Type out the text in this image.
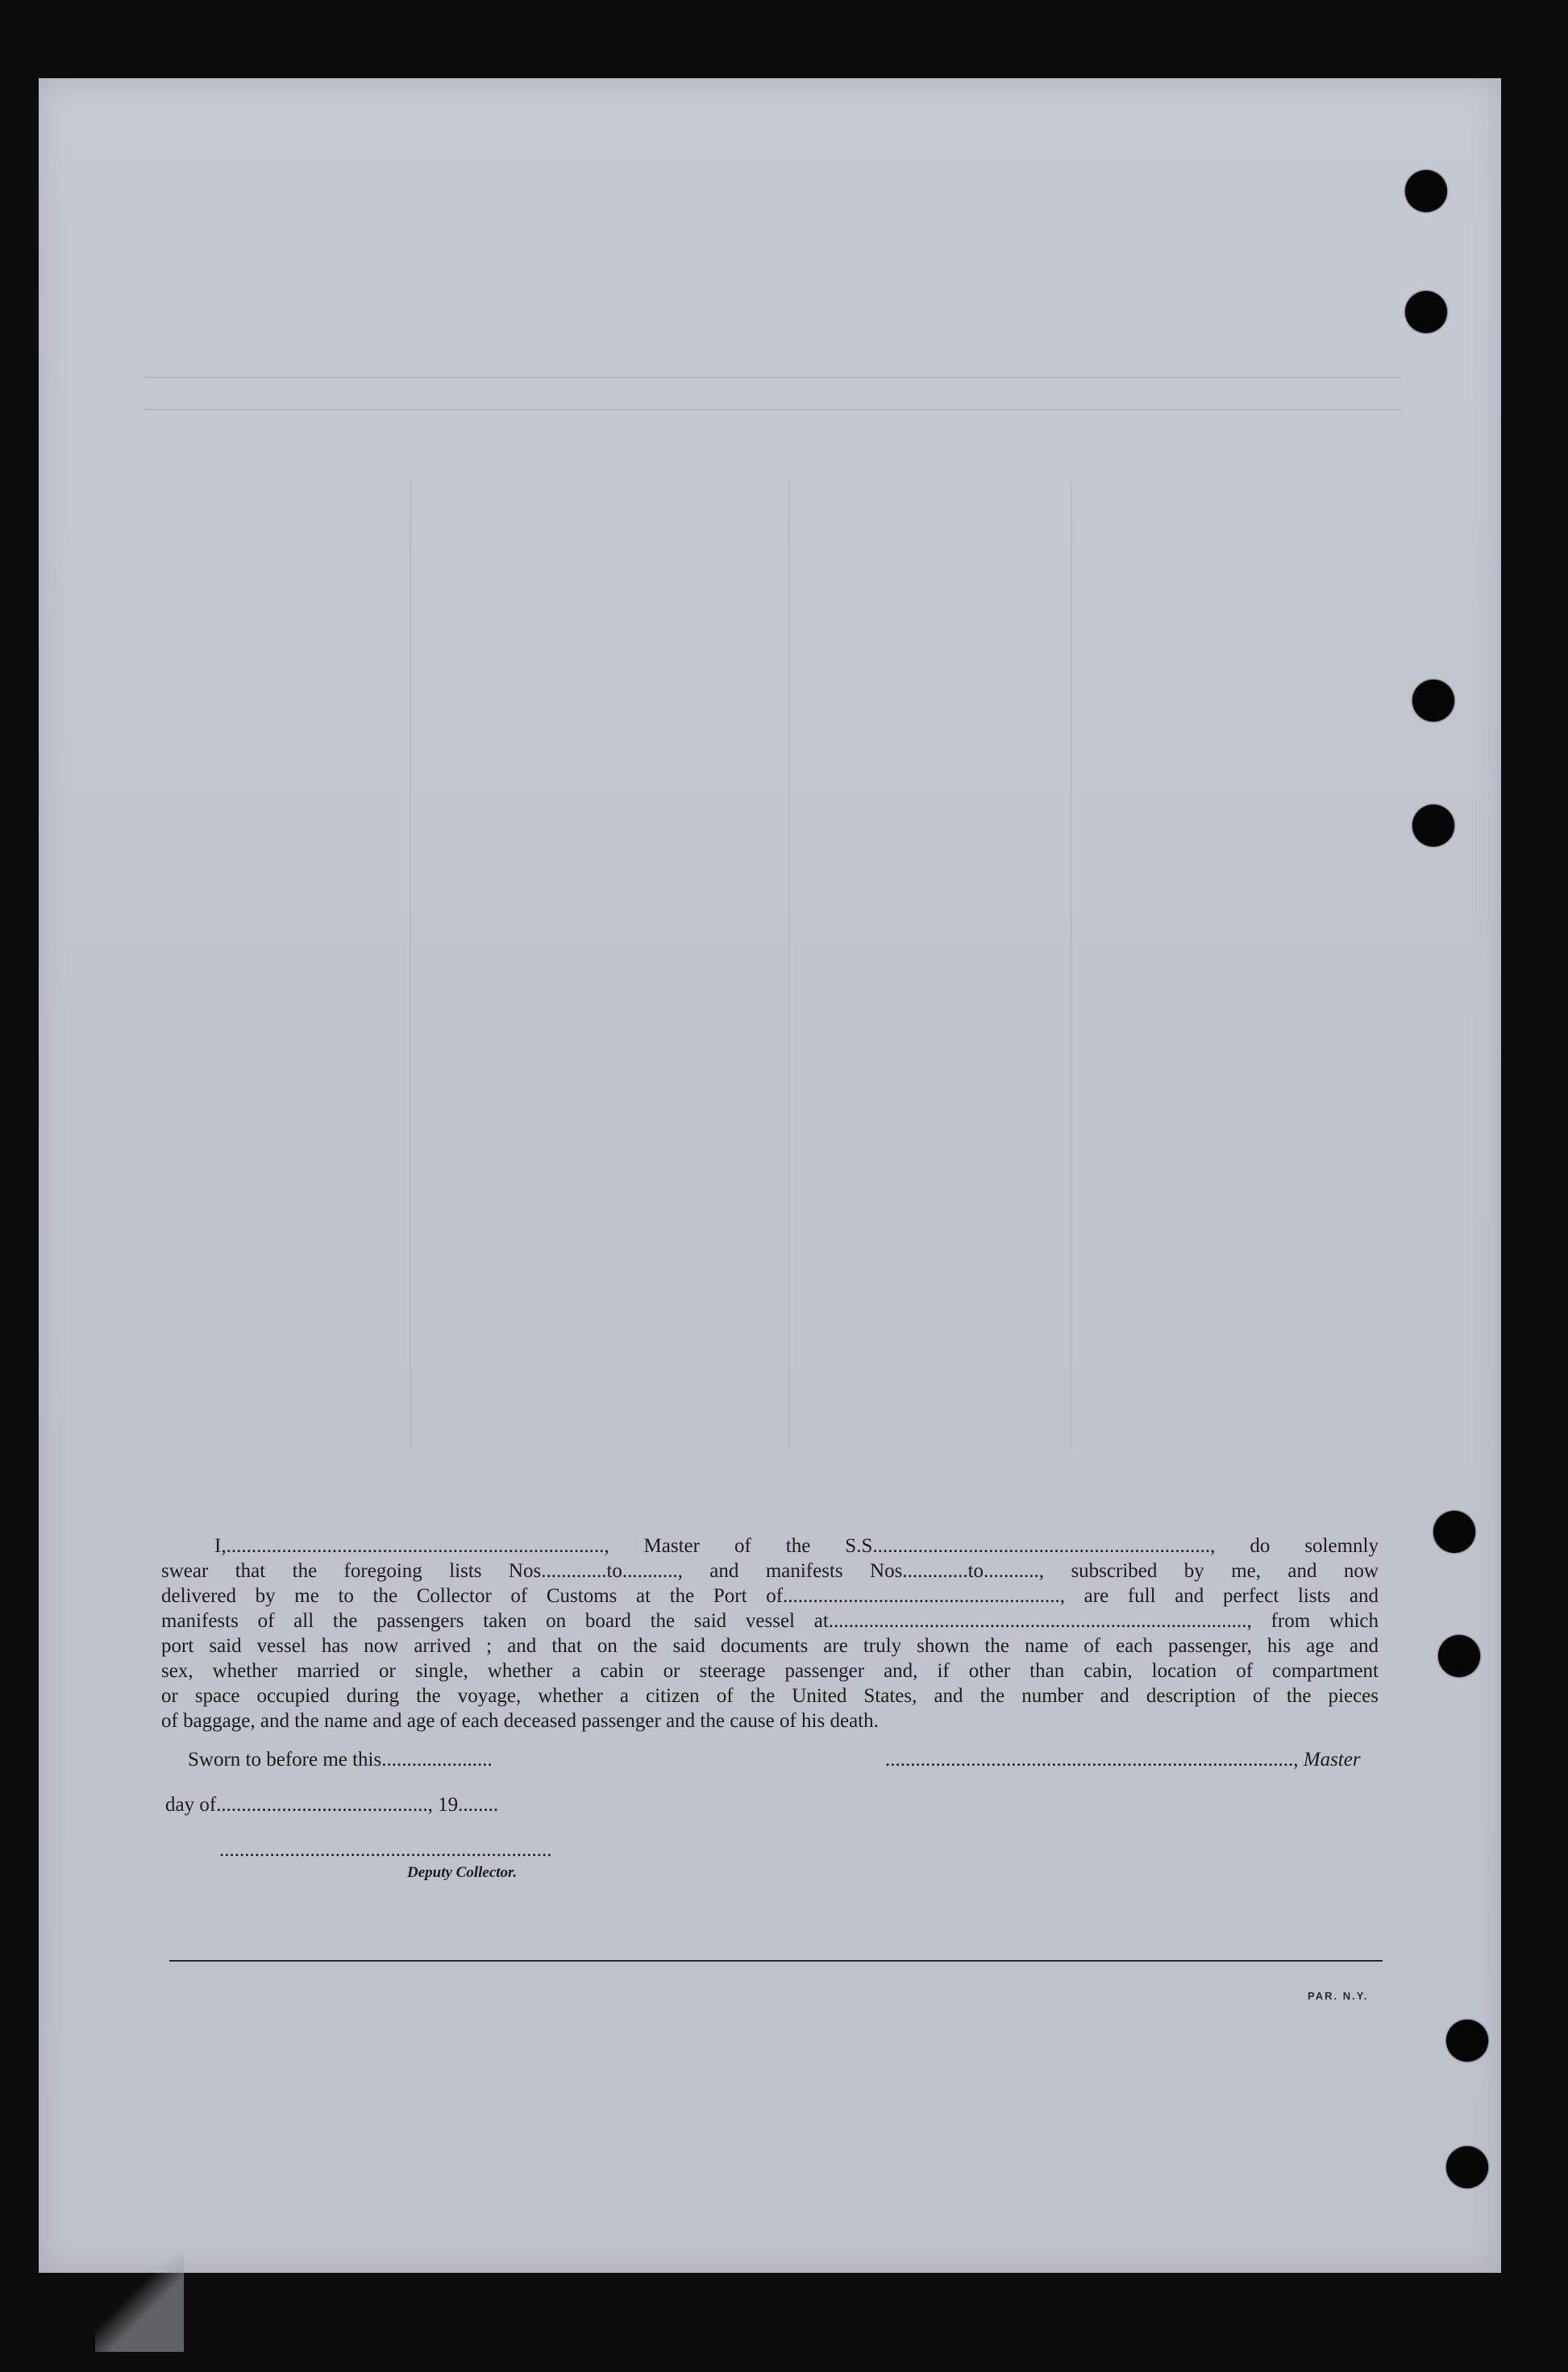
I,..........................................................................., Master of the S.S..................................................................., do solemnly
swear that the foregoing lists Nos.............to..........., and manifests Nos.............to..........., subscribed by me, and now
delivered by me to the Collector of Customs at the Port of......................................................., are full and perfect lists and
manifests of all the passengers taken on board the said vessel at..................................................................................., from which
port said vessel has now arrived ; and that on the said documents are truly shown the name of each passenger, his age and
sex, whether married or single, whether a cabin or steerage passenger and, if other than cabin, location of compartment
or space occupied during the voyage, whether a citizen of the United States, and the number and description of the pieces
of baggage, and the name and age of each deceased passenger and the cause of his death.
Sworn to before me this......................	................................................................................., Master
day of.........................................., 19........
..................................................................
Deputy Collector.
PAR. N.Y.
